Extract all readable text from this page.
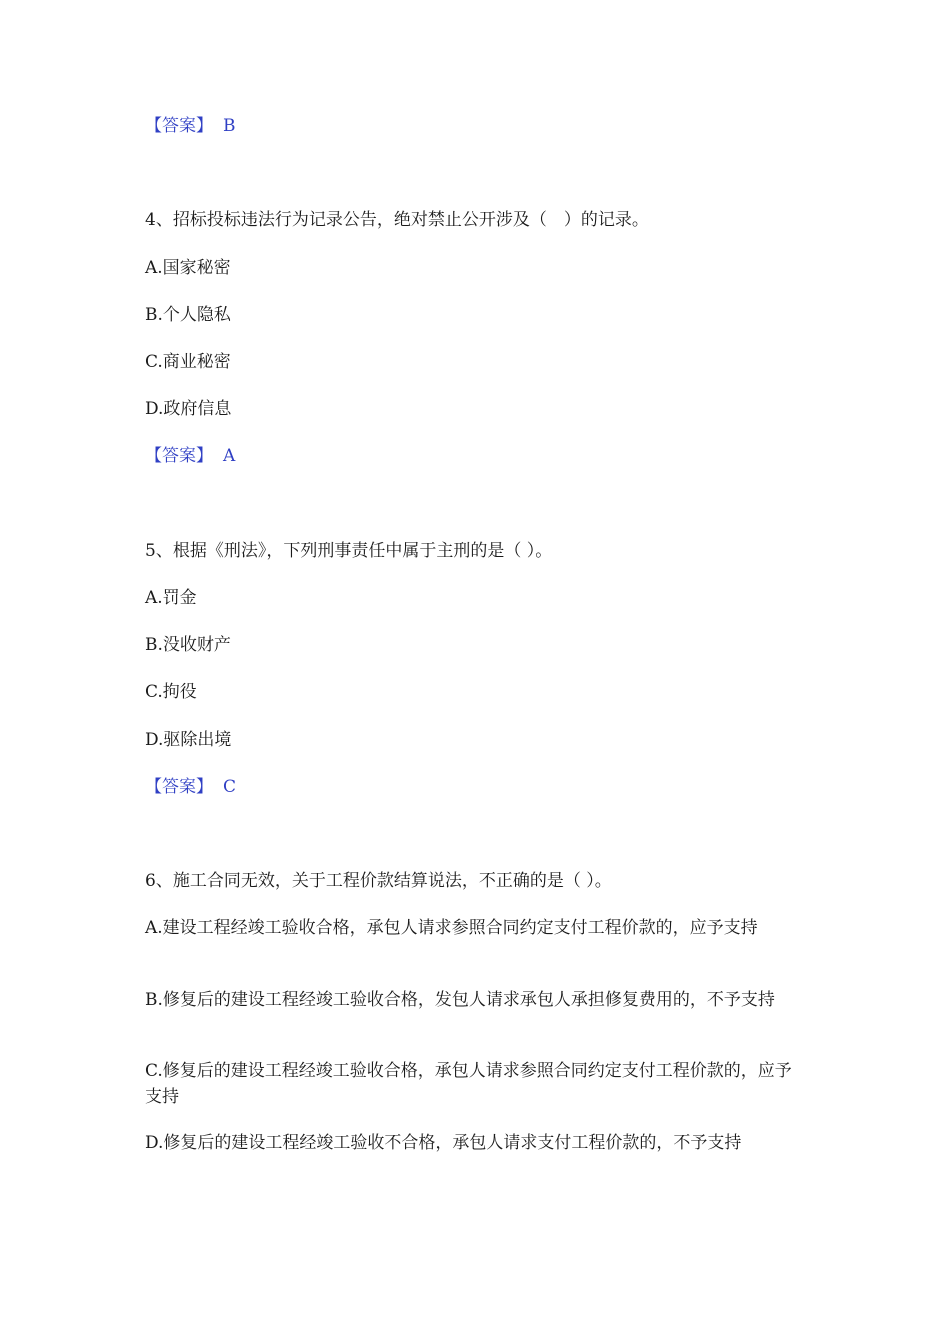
【答案】 B
4、招标投标违法行为记录公告，绝对禁止公开涉及（　）的记录。
A.国家秘密
B.个人隐私
C.商业秘密
D.政府信息
【答案】 A
5、根据《刑法》，下列刑事责任中属于主刑的是（ ）。
A.罚金
B.没收财产
C.拘役
D.驱除出境
【答案】 C
6、施工合同无效，关于工程价款结算说法，不正确的是（ ）。
A.建设工程经竣工验收合格，承包人请求参照合同约定支付工程价款的，应予支持
B.修复后的建设工程经竣工验收合格，发包人请求承包人承担修复费用的，不予支持
C.修复后的建设工程经竣工验收合格，承包人请求参照合同约定支付工程价款的，应予支持
D.修复后的建设工程经竣工验收不合格，承包人请求支付工程价款的，不予支持
